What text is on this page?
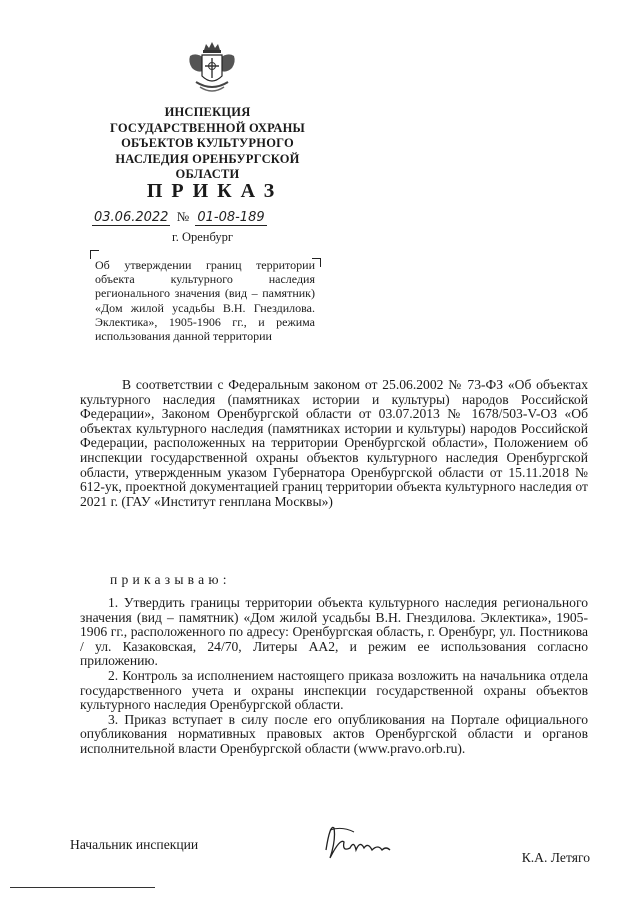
ИНСПЕКЦИЯ
ГОСУДАРСТВЕННОЙ ОХРАНЫ
ОБЪЕКТОВ КУЛЬТУРНОГО
НАСЛЕДИЯ ОРЕНБУРГСКОЙ
ОБЛАСТИ
ПРИКАЗ
03.06.2022 № 01-08-189
г. Оренбург
Об утверждении границ территории объекта культурного наследия регионального значения (вид – памятник) «Дом жилой усадьбы В.Н. Гнездилова. Эклектика», 1905-1906 гг., и режима использования данной территории

В соответствии с Федеральным законом от 25.06.2002 № 73-ФЗ «Об объектах культурного наследия (памятниках истории и культуры) народов Российской Федерации», Законом Оренбургской области от 03.07.2013 № 1678/503-V-ОЗ «Об объектах культурного наследия (памятниках истории и культуры) народов Российской Федерации, расположенных на территории Оренбургской области», Положением об инспекции государственной охраны объектов культурного наследия Оренбургской области, утвержденным указом Губернатора Оренбургской области от 15.11.2018 № 612-ук, проектной документацией границ территории объекта культурного наследия от 2021 г. (ГАУ «Институт генплана Москвы»)

приказываю:

1. Утвердить границы территории объекта культурного наследия регионального значения (вид – памятник) «Дом жилой усадьбы В.Н. Гнездилова. Эклектика», 1905-1906 гг., расположенного по адресу: Оренбургская область, г. Оренбург, ул. Постникова / ул. Казаковская, 24/70, Литеры АА2, и режим ее использования согласно приложению.

2. Контроль за исполнением настоящего приказа возложить на начальника отдела государственного учета и охраны инспекции государственной охраны объектов культурного наследия Оренбургской области.

3. Приказ вступает в силу после его опубликования на Портале официального опубликования нормативных правовых актов Оренбургской области и органов исполнительной власти Оренбургской области (www.pravo.orb.ru).

Начальник инспекции
К.А. Летяго
